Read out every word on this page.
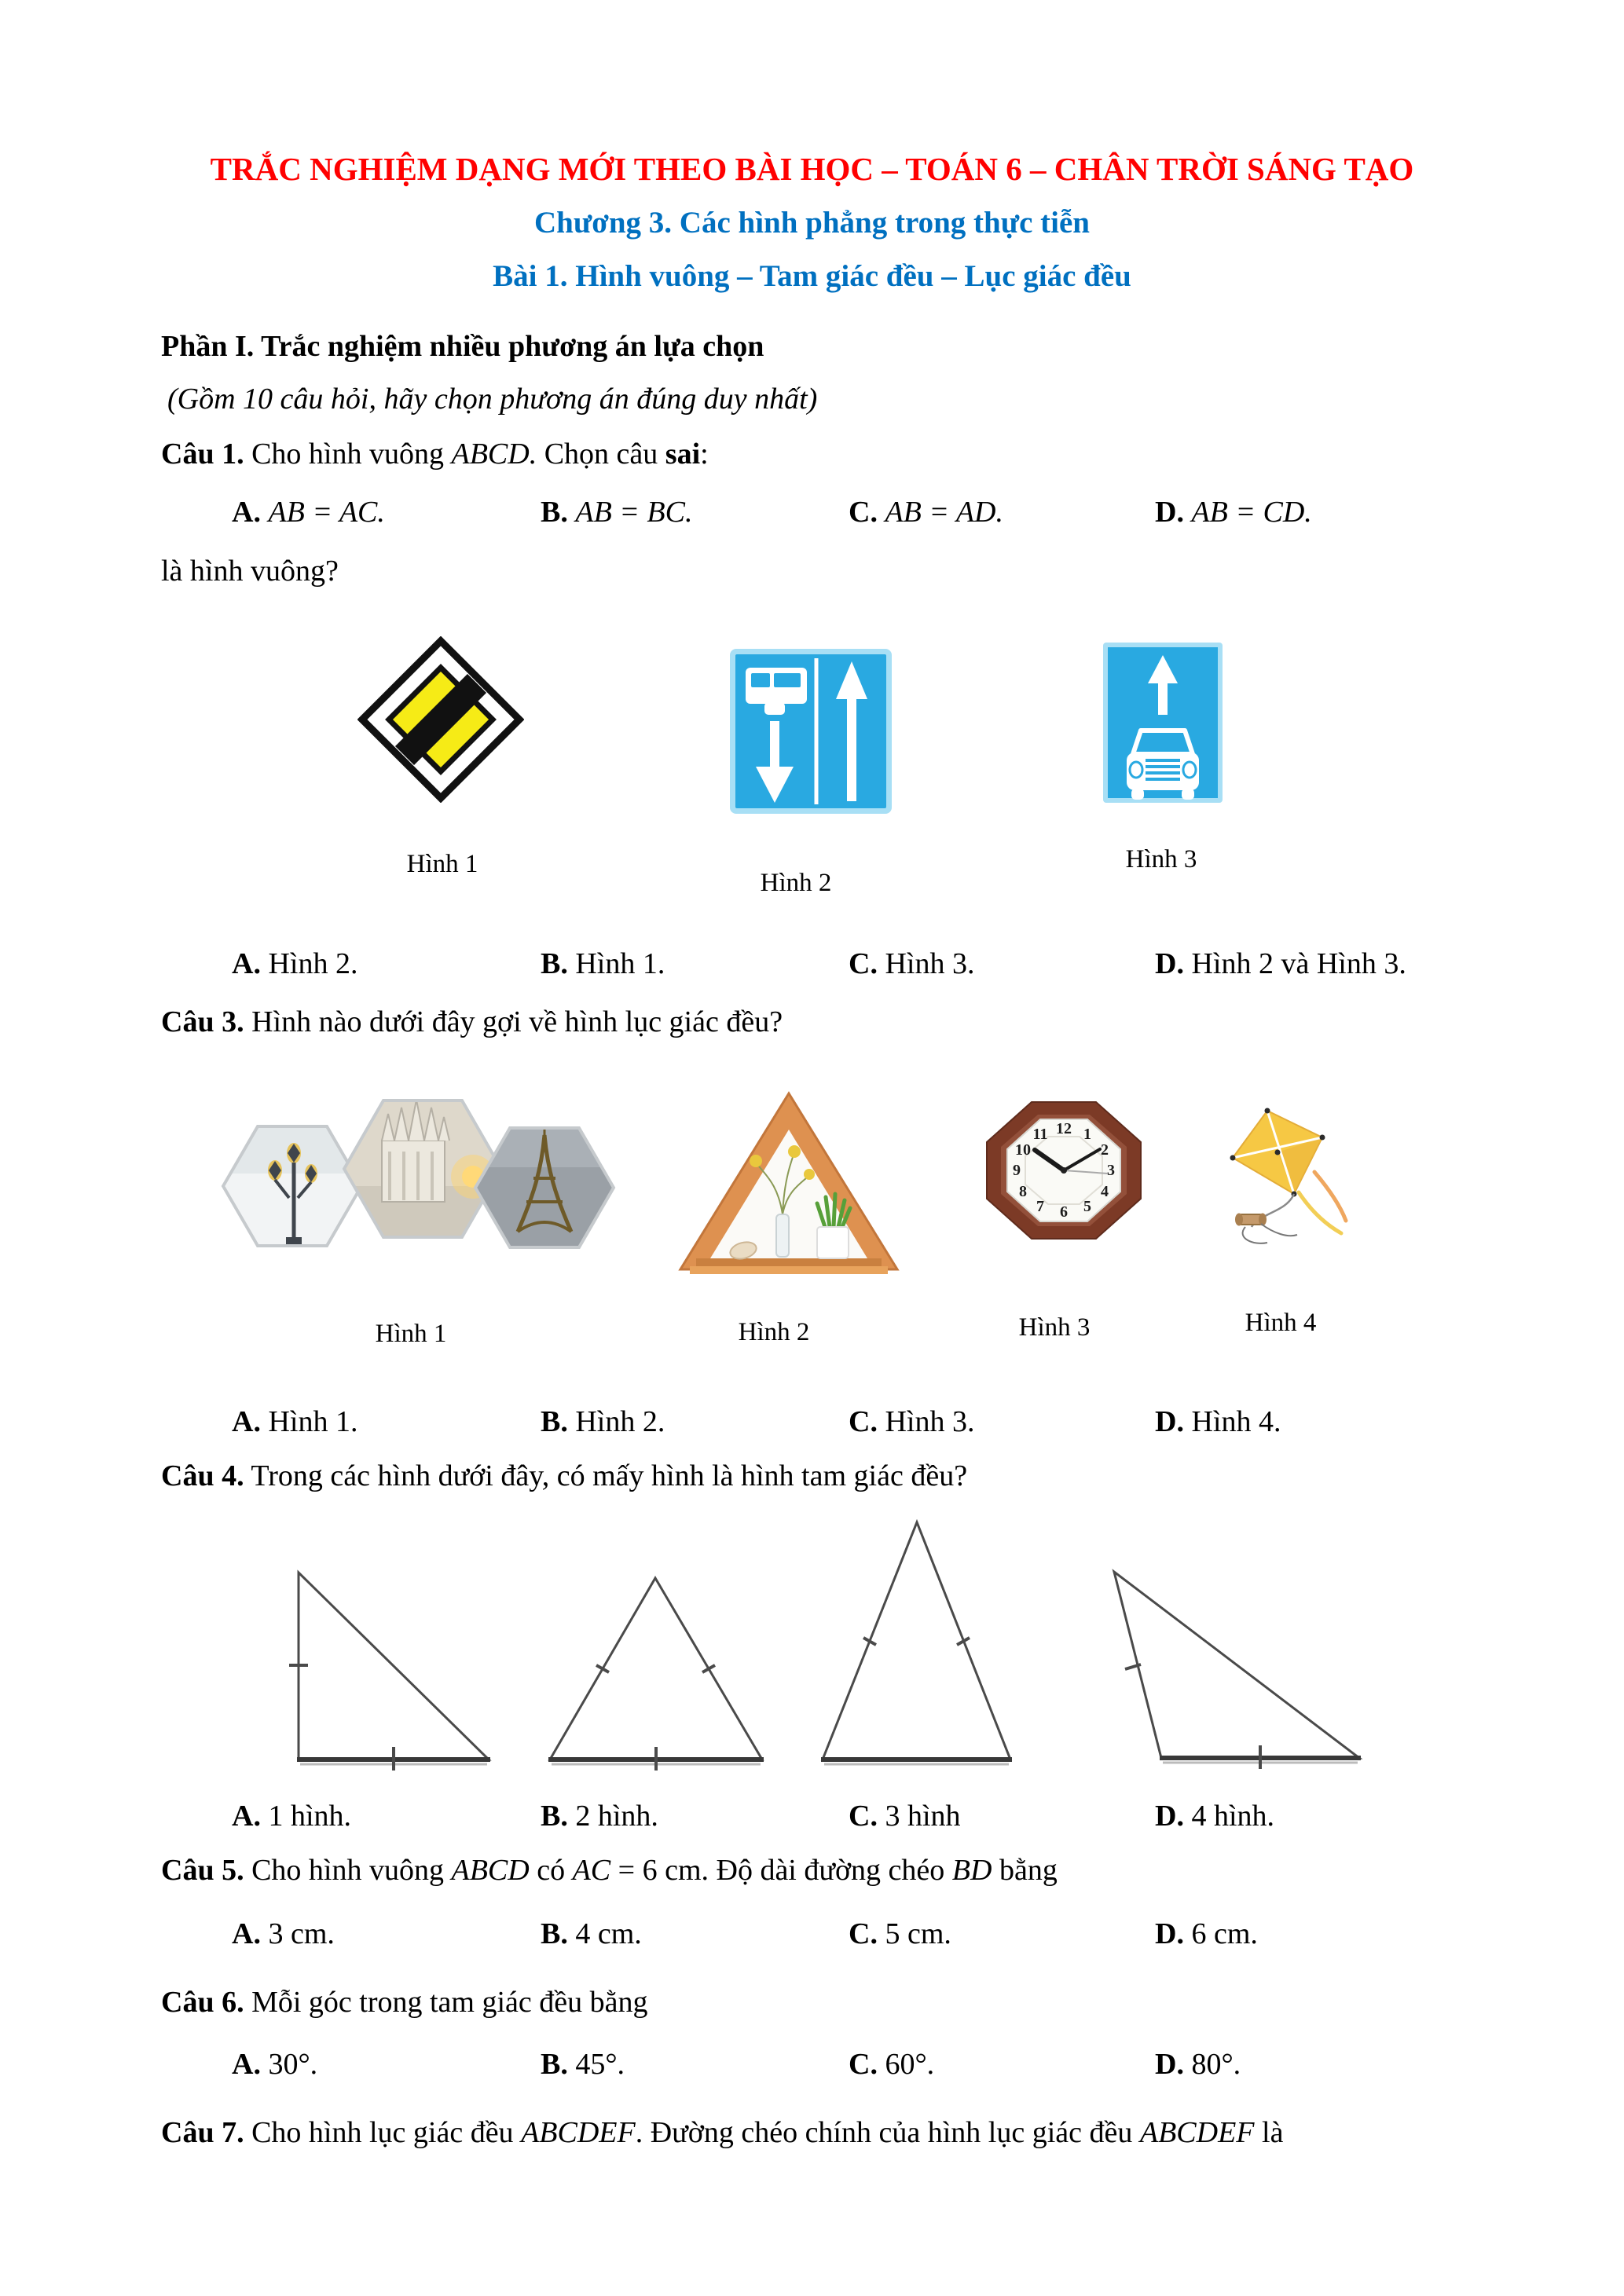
TRẮC NGHIỆM DẠNG MỚI THEO BÀI HỌC – TOÁN 6 – CHÂN TRỜI SÁNG TẠO
Chương 3. Các hình phẳng trong thực tiễn
Bài 1. Hình vuông – Tam giác đều – Lục giác đều
Phần I. Trắc nghiệm nhiều phương án lựa chọn
(Gồm 10 câu hỏi, hãy chọn phương án đúng duy nhất)
Câu 1. Cho hình vuông ABCD. Chọn câu sai:
A. AB = AC.	B. AB = BC.	C. AB = AD.	D. AB = CD.
là hình vuông?
Hình 1
Hình 2
Hình 3
A. Hình 2.	B. Hình 1.	C. Hình 3.	D. Hình 2 và Hình 3.
Câu 3. Hình nào dưới đây gợi về hình lục giác đều?
12 1
2
3
4
5
6
7
8
9
10
11
Hình 1	Hình 2	Hình 3	Hình 4
A. Hình 1.	B. Hình 2.	C. Hình 3.	D. Hình 4.
Câu 4. Trong các hình dưới đây, có mấy hình là hình tam giác đều?
A. 1 hình.	B. 2 hình.	C. 3 hình	D. 4 hình.
Câu 5. Cho hình vuông ABCD có AC = 6 cm. Độ dài đường chéo BD bằng
A. 3 cm.	B. 4 cm.	C. 5 cm.	D. 6 cm.
Câu 6. Mỗi góc trong tam giác đều bằng
A. 30°.	B. 45°.	C. 60°.	D. 80°.
Câu 7. Cho hình lục giác đều ABCDEF. Đường chéo chính của hình lục giác đều ABCDEF là
